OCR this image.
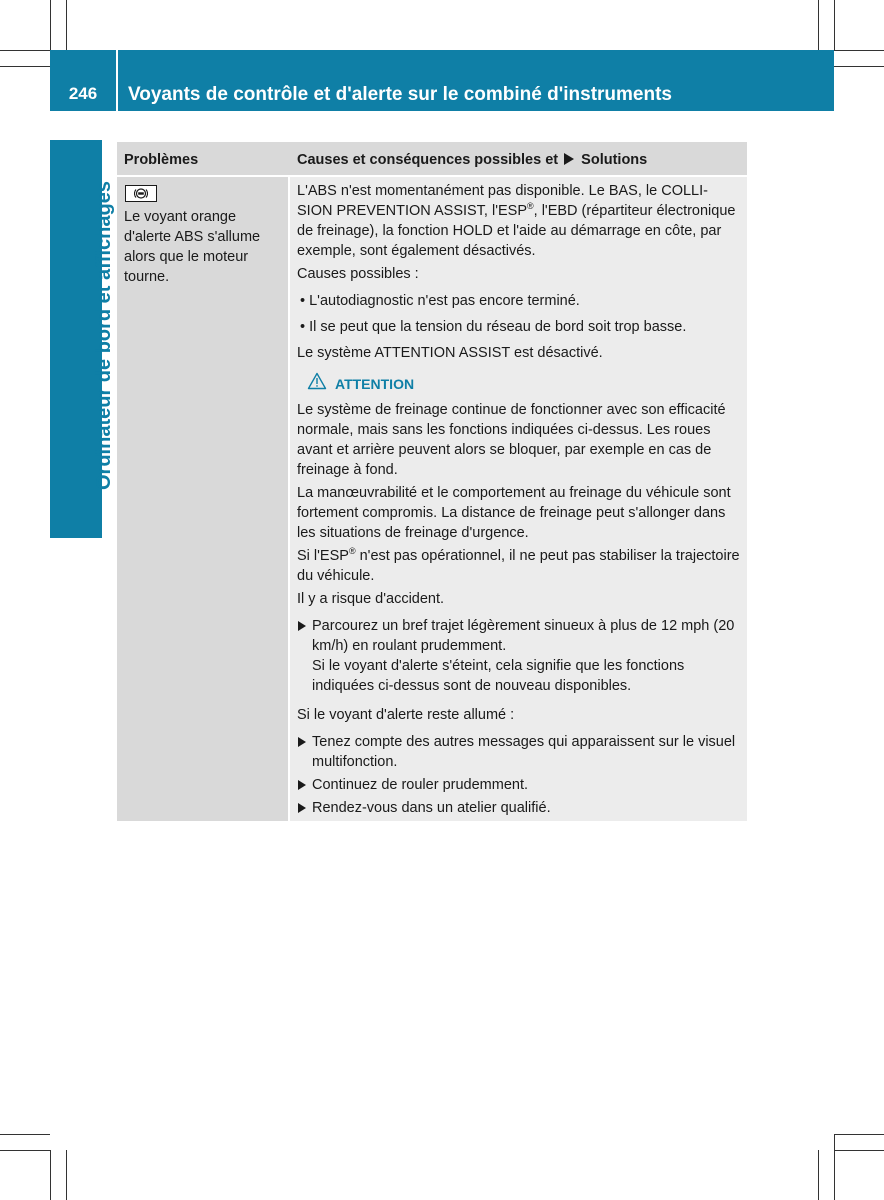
246	Voyants de contrôle et d'alerte sur le combiné d'instruments
Ordinateur de bord et affichages
Problèmes	Causes et conséquences possibles et Solutions
Le voyant orange d'alerte ABS s'allume alors que le moteur tourne.

L'ABS n'est momentanément pas disponible. Le BAS, le COLLI-SION PREVENTION ASSIST, l'ESP®, l'EBD (répartiteur électronique de freinage), la fonction HOLD et l'aide au démarrage en côte, par exemple, sont également désactivés.

Causes possibles :

• L'autodiagnostic n'est pas encore terminé.

• Il se peut que la tension du réseau de bord soit trop basse.

Le système ATTENTION ASSIST est désactivé.

ATTENTION

Le système de freinage continue de fonctionner avec son efficacité normale, mais sans les fonctions indiquées ci-dessus. Les roues avant et arrière peuvent alors se bloquer, par exemple en cas de freinage à fond.

La manœuvrabilité et le comportement au freinage du véhicule sont fortement compromis. La distance de freinage peut s'allonger dans les situations de freinage d'urgence.

Si l'ESP® n'est pas opérationnel, il ne peut pas stabiliser la trajectoire du véhicule.

Il y a risque d'accident.

Parcourez un bref trajet légèrement sinueux à plus de 12 mph (20 km/h) en roulant prudemment.
Si le voyant d'alerte s'éteint, cela signifie que les fonctions indiquées ci-dessus sont de nouveau disponibles.

Si le voyant d'alerte reste allumé :

Tenez compte des autres messages qui apparaissent sur le visuel multifonction.
Continuez de rouler prudemment.
Rendez-vous dans un atelier qualifié.
